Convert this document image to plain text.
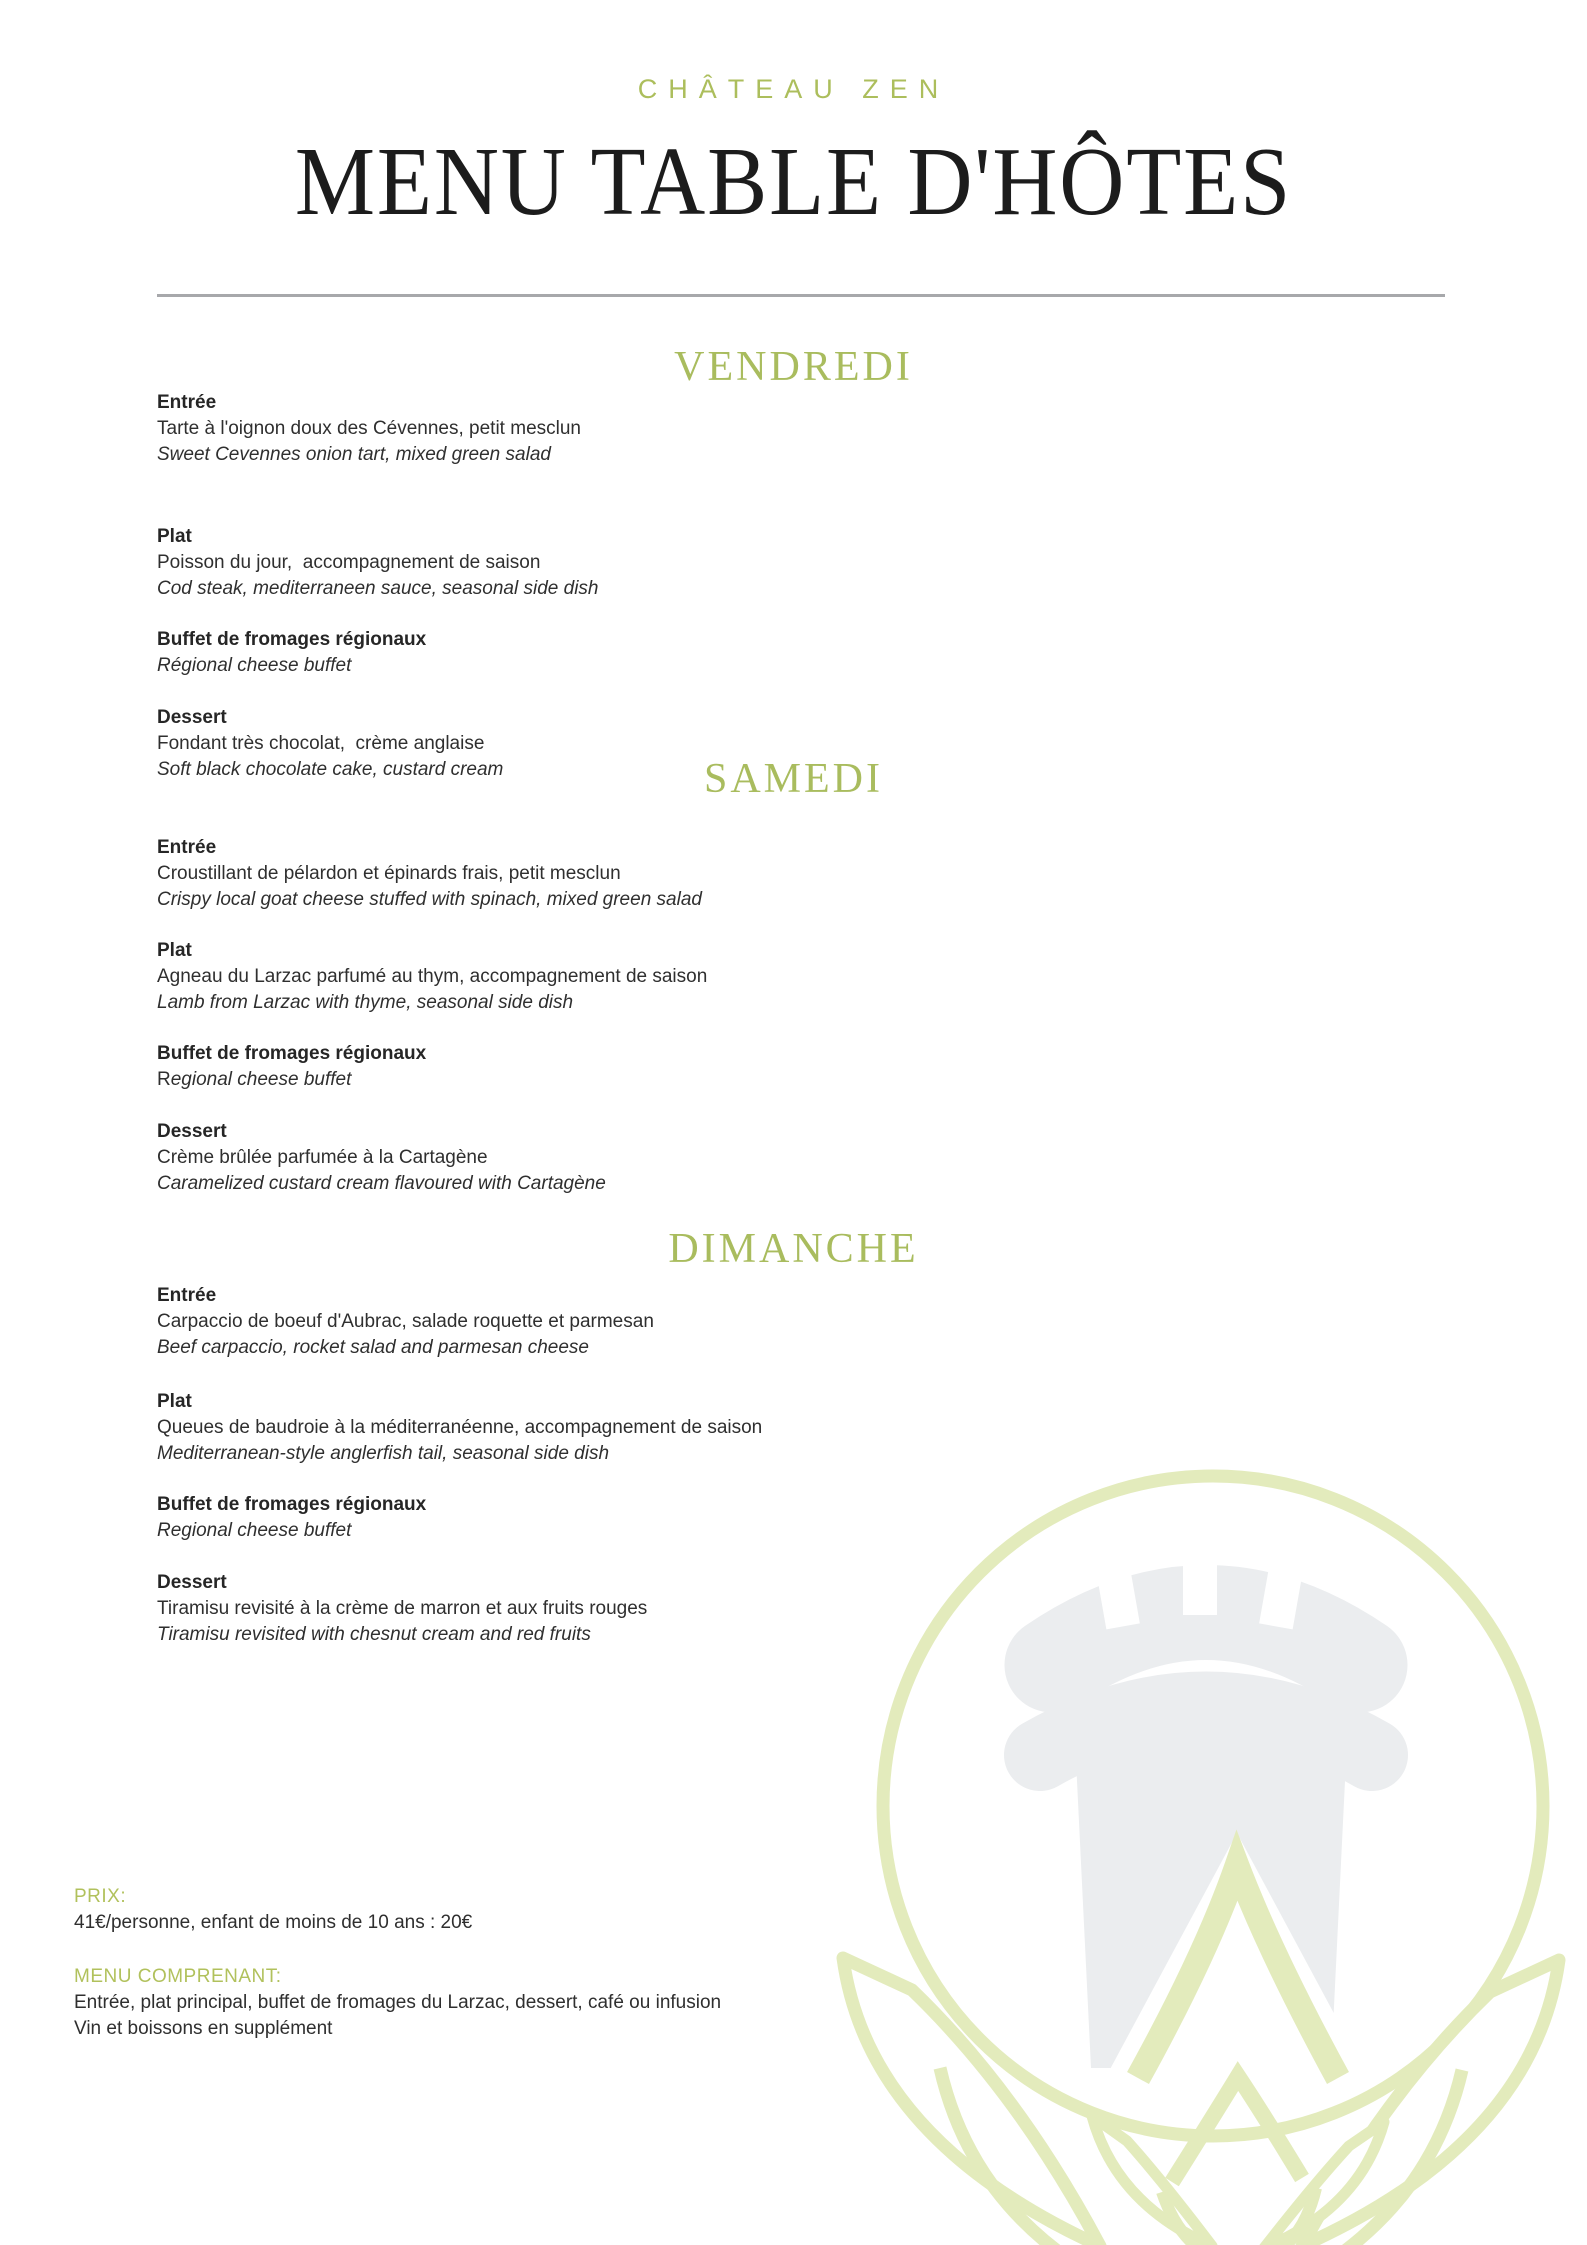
CHÂTEAU ZEN
MENU TABLE D'HÔTES
VENDREDI
Entrée
Tarte à l'oignon doux des Cévennes, petit mesclun
Sweet Cevennes onion tart, mixed green salad
Plat
Poisson du jour,  accompagnement de saison
Cod steak, mediterraneen sauce, seasonal side dish
Buffet de fromages régionaux
Régional cheese buffet
Dessert
Fondant très chocolat,  crème anglaise
Soft black chocolate cake, custard cream	SAMEDI
Entrée
Croustillant de pélardon et épinards frais, petit mesclun
Crispy local goat cheese stuffed with spinach, mixed green salad
Plat
Agneau du Larzac parfumé au thym, accompagnement de saison
Lamb from Larzac with thyme, seasonal side dish
Buffet de fromages régionaux
Regional cheese buffet
Dessert
Crème brûlée parfumée à la Cartagène
Caramelized custard cream flavoured with Cartagène
DIMANCHE
Entrée
Carpaccio de boeuf d'Aubrac, salade roquette et parmesan
Beef carpaccio, rocket salad and parmesan cheese
Plat
Queues de baudroie à la méditerranéenne, accompagnement de saison
Mediterranean-style anglerfish tail, seasonal side dish
Buffet de fromages régionaux
Regional cheese buffet
Dessert
Tiramisu revisité à la crème de marron et aux fruits rouges
Tiramisu revisited with chesnut cream and red fruits
PRIX:
41€/personne, enfant de moins de 10 ans : 20€
MENU COMPRENANT:
Entrée, plat principal, buffet de fromages du Larzac, dessert, café ou infusion
Vin et boissons en supplément
